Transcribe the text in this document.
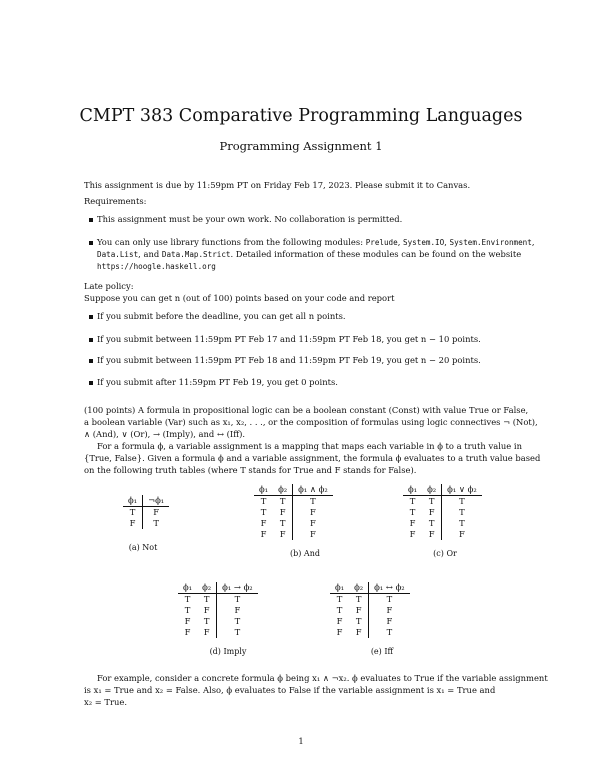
CMPT 383 Comparative Programming Languages
Programming Assignment 1
This assignment is due by 11:59pm PT on Friday Feb 17, 2023. Please submit it to Canvas.
Requirements:
This assignment must be your own work. No collaboration is permitted.
You can only use library functions from the following modules: Prelude, System.IO, System.Environment,
Data.List, and Data.Map.Strict. Detailed information of these modules can be found on the website
https://hoogle.haskell.org
Late policy:
Suppose you can get n (out of 100) points based on your code and report
If you submit before the deadline, you can get all n points.
If you submit between 11:59pm PT Feb 17 and 11:59pm PT Feb 18, you get n − 10 points.
If you submit between 11:59pm PT Feb 18 and 11:59pm PT Feb 19, you get n − 20 points.
If you submit after 11:59pm PT Feb 19, you get 0 points.
(100 points) A formula in propositional logic can be a boolean constant (Const) with value True or False,
a boolean variable (Var) such as x₁, x₂, . . ., or the composition of formulas using logic connectives ¬ (Not),
∧ (And), ∨ (Or), → (Imply), and ↔ (Iff).
For a formula ϕ, a variable assignment is a mapping that maps each variable in ϕ to a truth value in
{True, False}. Given a formula ϕ and a variable assignment, the formula ϕ evaluates to a truth value based
on the following truth tables (where T stands for True and F stands for False).
ϕ₁	¬ϕ₁
T	F
F	T
(a) Not
ϕ₁	ϕ₂	ϕ₁ ∧ ϕ₂
T	T	T
T	F	F
F	T	F
F	F	F
(b) And
ϕ₁	ϕ₂	ϕ₁ ∨ ϕ₂
T	T	T
T	F	T
F	T	T
F	F	F
(c) Or
ϕ₁	ϕ₂	ϕ₁ → ϕ₂
T	T	T
T	F	F
F	T	T
F	F	T
(d) Imply
ϕ₁	ϕ₂	ϕ₁ ↔ ϕ₂
T	T	T
T	F	F
F	T	F
F	F	T
(e) Iff
For example, consider a concrete formula ϕ being x₁ ∧ ¬x₂. ϕ evaluates to True if the variable assignment
is x₁ = True and x₂ = False. Also, ϕ evaluates to False if the variable assignment is x₁ = True and
x₂ = True.
1
